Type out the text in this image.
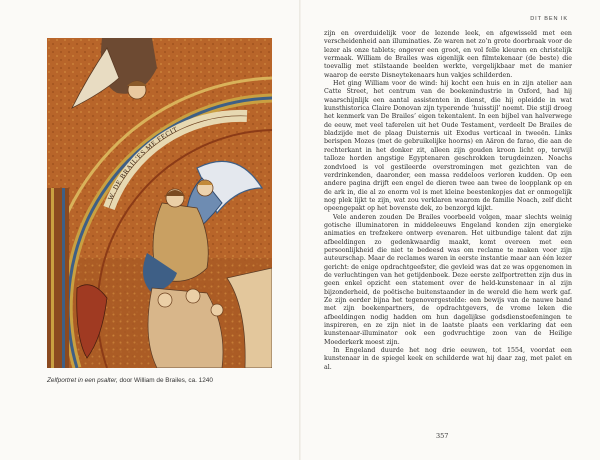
W. DE BRAIL'ES ME FECIT
Zelfportret in een psalter, door William de Brailes, ca. 1240
DIT BEN IK

zijn en overduidelijk voor de lezende leek, en afgewisseld met een verscheidenheid aan illuminaties. Ze waren net zo’n grote doorbraak voor de lezer als onze tablets; ongever een groot, en vol felle kleuren en christelijk vermaak. William de Brailes was eigenlijk een filmtekenaar (de beste) die toevallig met stilstaande beelden werkte, vergelijkbaar met de manier waarop de eerste Disneytekenaars hun vakjes schilderden.

Het ging William voor de wind: hij kocht een huis en in zijn atelier aan Catte Street, het centrum van de boekenindustrie in Oxford, had hij waarschijnlijk een aantal assistenten in dienst, die hij opleidde in wat kunsthistorica Claire Donovan zijn typerende ‘huisstijl’ noemt. Die stijl droeg het kenmerk van De Brailes’ eigen tekentalent. In een bijbel van halverwege de eeuw, met veel taferelen uit het Oude Testament, verdeelt De Brailes de bladzijde met de plaag Duisternis uit Exodus verticaal in tweeën. Links berispen Mozes (met de gebruikelijke hoorns) en Aäron de farao, die aan de rechterkant in het donker zit, alleen zijn gouden kroon licht op, terwijl talloze horden angstige Egyptenaren geschrokken terugdeinzen. Noachs zondvloed is vol gestileerde overstromingen met gezichten van de verdrinkenden, daaronder, een massa reddeloos verloren kudden. Op een andere pagina drijft een engel de dieren twee aan twee de loopplank op en de ark in, die al zo enorm vol is met kleine beestenkopjes dat er onmogelijk nog plek lijkt te zijn, wat zou verklaren waarom de familie Noach, zelf dicht opeengepakt op het bovenste dek, zo benzorgd kijkt.

Vele anderen zouden De Brailes voorbeeld volgen, maar slechts weinig gotische illuminatoren in middeleeuws Engeland konden zijn energieke animaties en trefzekere ontwerp evenaren. Het uitbundige talent dat zijn afbeeldingen zo gedenkwaardig maakt, komt overeen met een persoonlijkheid die niet te bedeesd was om reclame te maken voor zijn auteurschap. Maar de reclames waren in eerste instantie maar aan één lezer gericht: de enige opdrachtgeefster, die gevleid was dat ze was opgenomen in de verluchtingen van het getijdenboek. Deze eerste zelfportretten zijn dus in geen enkel opzicht een statement over de held-kunstenaar in al zijn bijzonderheid, de poëtische buitenstaander in de wereld die hem werk gaf. Ze zijn eerder bijna het tegenovergestelde: een bewijs van de nauwe band met zijn boekenpartners, de opdrachtgevers, de vrome leken die afbeeldingen nodig hadden om hun dagelijkse godsdienstoefeningen te inspireren, en ze zijn niet in de laatste plaats een verklaring dat een kunstenaar-illuminator ook een godvruchtige zoon van de Heilige Moederkerk moest zijn.

In Engeland duurde het nog drie eeuwen, tot 1554, voordat een kunstenaar in de spiegel keek en schilderde wat hij daar zag, met palet en al.

357
